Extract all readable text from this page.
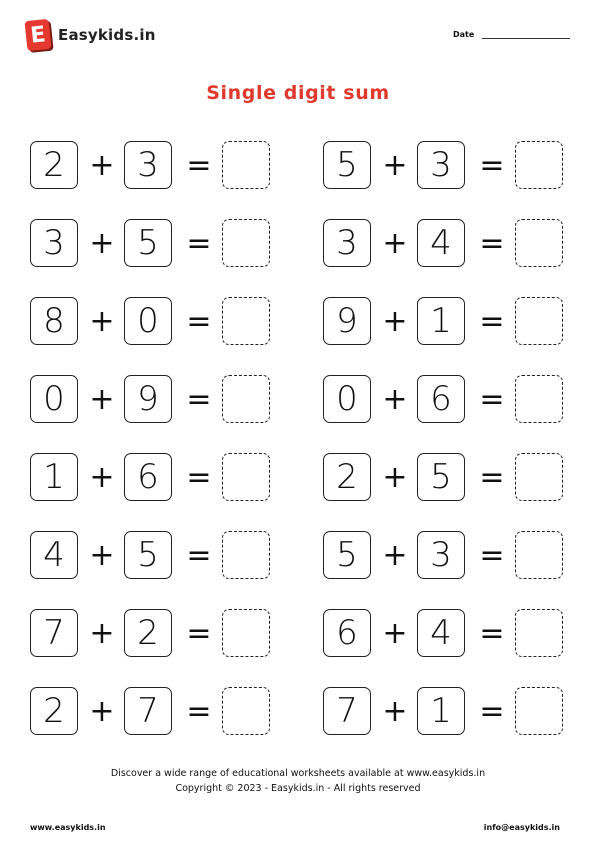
E Easykids.in	Date
Single digit sum
2 + 3 =	5 + 3 =
3 + 5 =	3 + 4 =
8 + 0 =	9 + 1 =
0 + 9 =	0 + 6 =
1 + 6 =	2 + 5 =
4 + 5 =	5 + 3 =
7 + 2 =	6 + 4 =
2 + 7 =	7 + 1 =
Discover a wide range of educational worksheets available at www.easykids.in
Copyright © 2023 - Easykids.in - All rights reserved
www.easykids.in	info@easykids.in
